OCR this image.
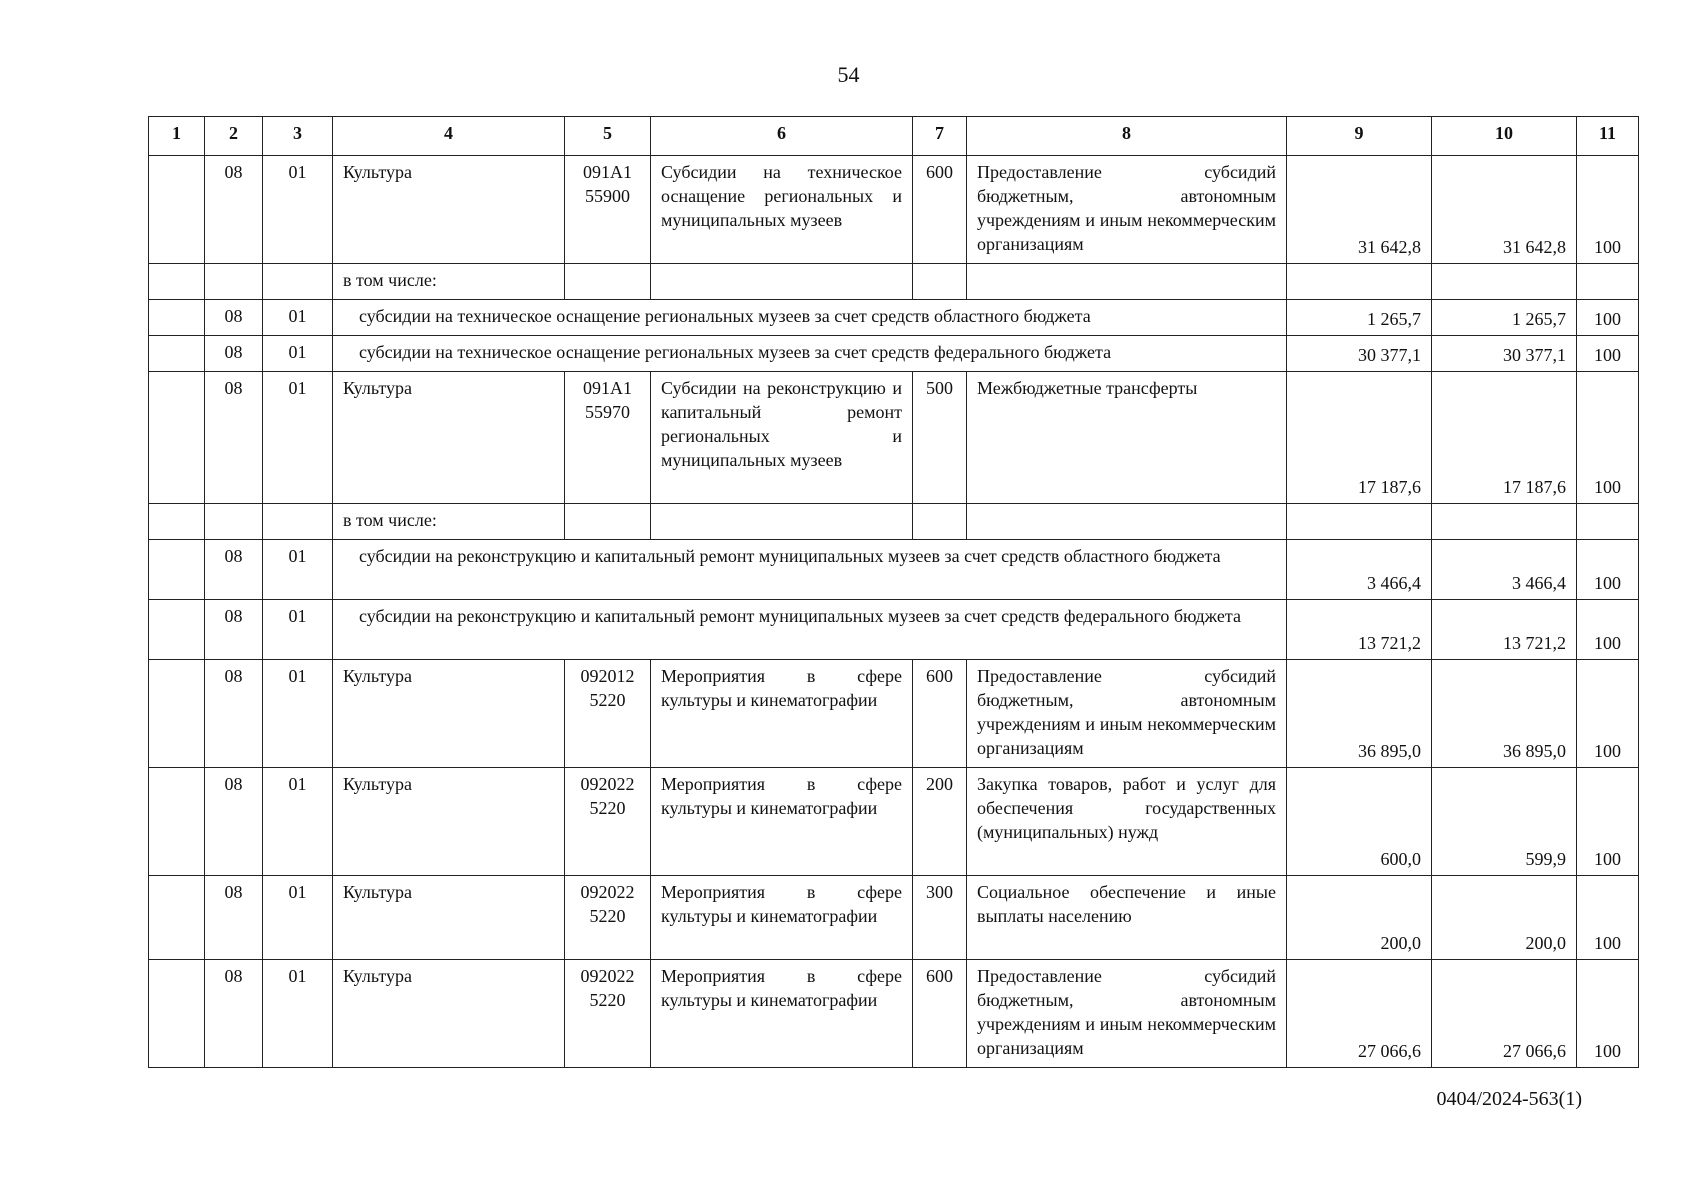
54
1	2	3	4	5	6	7	8	9	10	11
	08	01	Культура	091A1 55900	Субсидии на техническое оснащение региональных и муниципальных музеев	600	Предоставление субсидий бюджетным, автономным учреждениям и иным некоммерческим организациям	31 642,8	31 642,8	100
			в том числе:							
	08	01	субсидии на техническое оснащение региональных музеев за счет средств областного бюджета					1 265,7	1 265,7	100
	08	01	субсидии на техническое оснащение региональных музеев за счет средств федерального бюджета					30 377,1	30 377,1	100
	08	01	Культура	091A1 55970	Субсидии на реконструкцию и капитальный ремонт региональных и муниципальных музеев	500	Межбюджетные трансферты	17 187,6	17 187,6	100
			в том числе:							
	08	01	субсидии на реконструкцию и капитальный ремонт муниципальных музеев за счет средств областного бюджета					3 466,4	3 466,4	100
	08	01	субсидии на реконструкцию и капитальный ремонт муниципальных музеев за счет средств федерального бюджета					13 721,2	13 721,2	100
	08	01	Культура	092012 5220	Мероприятия в сфере культуры и кинематографии	600	Предоставление субсидий бюджетным, автономным учреждениям и иным некоммерческим организациям	36 895,0	36 895,0	100
	08	01	Культура	092022 5220	Мероприятия в сфере культуры и кинематографии	200	Закупка товаров, работ и услуг для обеспечения государственных (муниципальных) нужд	600,0	599,9	100
	08	01	Культура	092022 5220	Мероприятия в сфере культуры и кинематографии	300	Социальное обеспечение и иные выплаты населению	200,0	200,0	100
	08	01	Культура	092022 5220	Мероприятия в сфере культуры и кинематографии	600	Предоставление субсидий бюджетным, автономным учреждениям и иным некоммерческим организациям	27 066,6	27 066,6	100
0404/2024-563(1)
